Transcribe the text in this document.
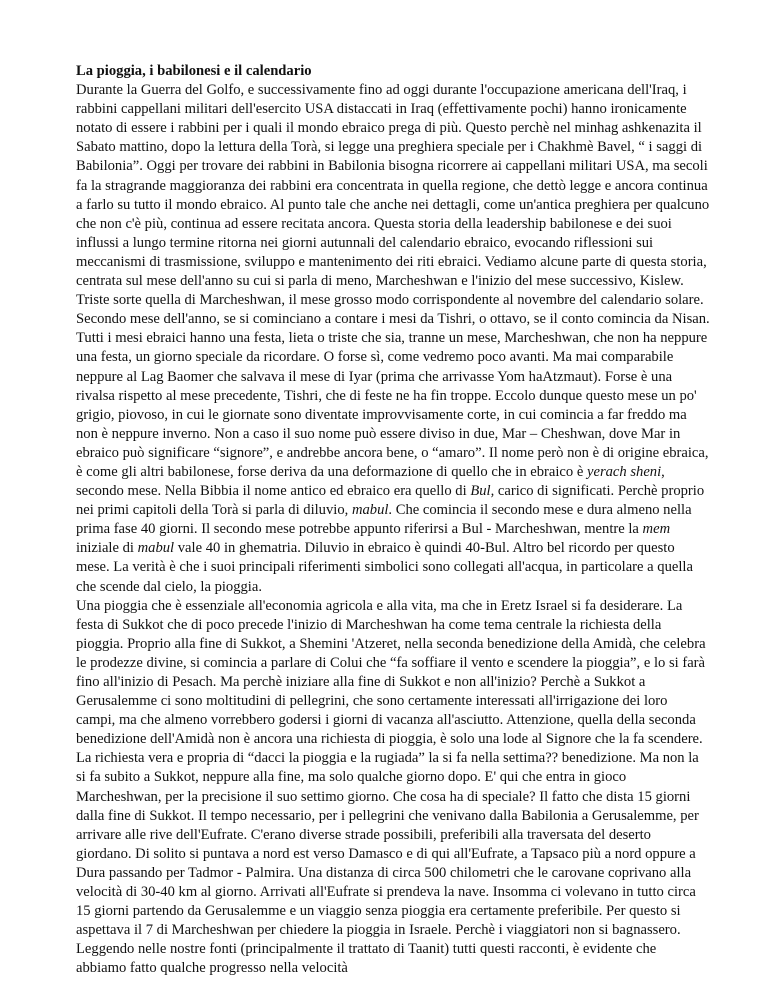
La pioggia, i babilonesi e il calendario
Durante la Guerra del Golfo, e successivamente fino ad oggi durante l'occupazione americana dell'Iraq, i rabbini cappellani militari dell'esercito USA distaccati in Iraq (effettivamente pochi) hanno ironicamente notato di essere i rabbini per i quali il mondo ebraico prega di più. Questo perchè nel minhag ashkenazita il Sabato mattino, dopo la lettura della Torà, si legge una preghiera speciale per i Chakhmè Bavel, “ i saggi di Babilonia”. Oggi per trovare dei rabbini in Babilonia bisogna ricorrere ai cappellani militari USA, ma secoli fa la stragrande maggioranza dei rabbini era concentrata in quella regione, che dettò legge e ancora continua a farlo su tutto il mondo ebraico. Al punto tale che anche nei dettagli, come un'antica preghiera per qualcuno che non c'è più, continua ad essere recitata ancora. Questa storia della leadership babilonese e dei suoi influssi a lungo termine ritorna nei giorni autunnali del calendario ebraico, evocando riflessioni sui meccanismi di trasmissione, sviluppo e mantenimento dei riti ebraici. Vediamo alcune parte di questa storia, centrata sul mese dell'anno su cui si parla di meno, Marcheshwan e l'inizio del mese successivo, Kislew.
Triste sorte quella di Marcheshwan, il mese grosso modo corrispondente al novembre del calendario solare. Secondo mese dell'anno, se si cominciano a contare i mesi da Tishri, o ottavo, se il conto comincia da Nisan. Tutti i mesi ebraici hanno una festa, lieta o triste che sia, tranne un mese, Marcheshwan, che non ha neppure una festa, un giorno speciale da ricordare. O forse sì, come vedremo poco avanti. Ma mai comparabile neppure al Lag Baomer che salvava il mese di Iyar (prima che arrivasse Yom haAtzmaut). Forse è una rivalsa rispetto al mese precedente, Tishri, che di feste ne ha fin troppe. Eccolo dunque questo mese un po' grigio, piovoso, in cui le giornate sono diventate improvvisamente corte, in cui comincia a far freddo ma non è neppure inverno. Non a caso il suo nome può essere diviso in due, Mar – Cheshwan, dove Mar in ebraico può significare “signore”, e andrebbe ancora bene, o “amaro”. Il nome però non è di origine ebraica, è come gli altri babilonese, forse deriva da una deformazione di quello che in ebraico è yerach sheni, secondo mese. Nella Bibbia il nome antico ed ebraico era quello di Bul, carico di significati. Perchè proprio nei primi capitoli della Torà si parla di diluvio, mabul. Che comincia il secondo mese e dura almeno nella prima fase 40 giorni. Il secondo mese potrebbe appunto riferirsi a Bul - Marcheshwan, mentre la mem iniziale di mabul vale 40 in ghematria. Diluvio in ebraico è quindi 40-Bul. Altro bel ricordo per questo mese. La verità è che i suoi principali riferimenti simbolici sono collegati all'acqua, in particolare a quella che scende dal cielo, la pioggia.
Una pioggia che è essenziale all'economia agricola e alla vita, ma che in Eretz Israel si fa desiderare. La festa di Sukkot che di poco precede l'inizio di Marcheshwan ha come tema centrale la richiesta della pioggia. Proprio alla fine di Sukkot, a Shemini 'Atzeret, nella seconda benedizione della Amidà, che celebra le prodezze divine, si comincia a parlare di Colui che “fa soffiare il vento e scendere la pioggia”, e lo si farà fino all'inizio di Pesach. Ma perchè iniziare alla fine di Sukkot e non all'inizio? Perchè a Sukkot a Gerusalemme ci sono moltitudini di pellegrini, che sono certamente interessati all'irrigazione dei loro campi, ma che almeno vorrebbero godersi i giorni di vacanza all'asciutto. Attenzione, quella della seconda benedizione dell'Amidà non è ancora una richiesta di pioggia, è solo una lode al Signore che la fa scendere. La richiesta vera e propria di “dacci la pioggia e la rugiada” la si fa nella settima?? benedizione. Ma non la si fa subito a Sukkot, neppure alla fine, ma solo qualche giorno dopo. E' qui che entra in gioco Marcheshwan, per la precisione il suo settimo giorno. Che cosa ha di speciale? Il fatto che dista 15 giorni dalla fine di Sukkot. Il tempo necessario, per i pellegrini che venivano dalla Babilonia a Gerusalemme, per arrivare alle rive dell'Eufrate. C'erano diverse strade possibili, preferibili alla traversata del deserto giordano. Di solito si puntava a nord est verso Damasco e di qui all'Eufrate, a Tapsaco più a nord oppure a Dura passando per Tadmor - Palmira. Una distanza di circa 500 chilometri che le carovane coprivano alla velocità di 30-40 km al giorno. Arrivati all'Eufrate si prendeva la nave. Insomma ci volevano in tutto circa 15 giorni partendo da Gerusalemme e un viaggio senza pioggia era certamente preferibile. Per questo si aspettava il 7 di Marcheshwan per chiedere la pioggia in Israele. Perchè i viaggiatori non si bagnassero. Leggendo nelle nostre fonti (principalmente il trattato di Taanit) tutti questi racconti, è evidente che abbiamo fatto qualche progresso nella velocità
